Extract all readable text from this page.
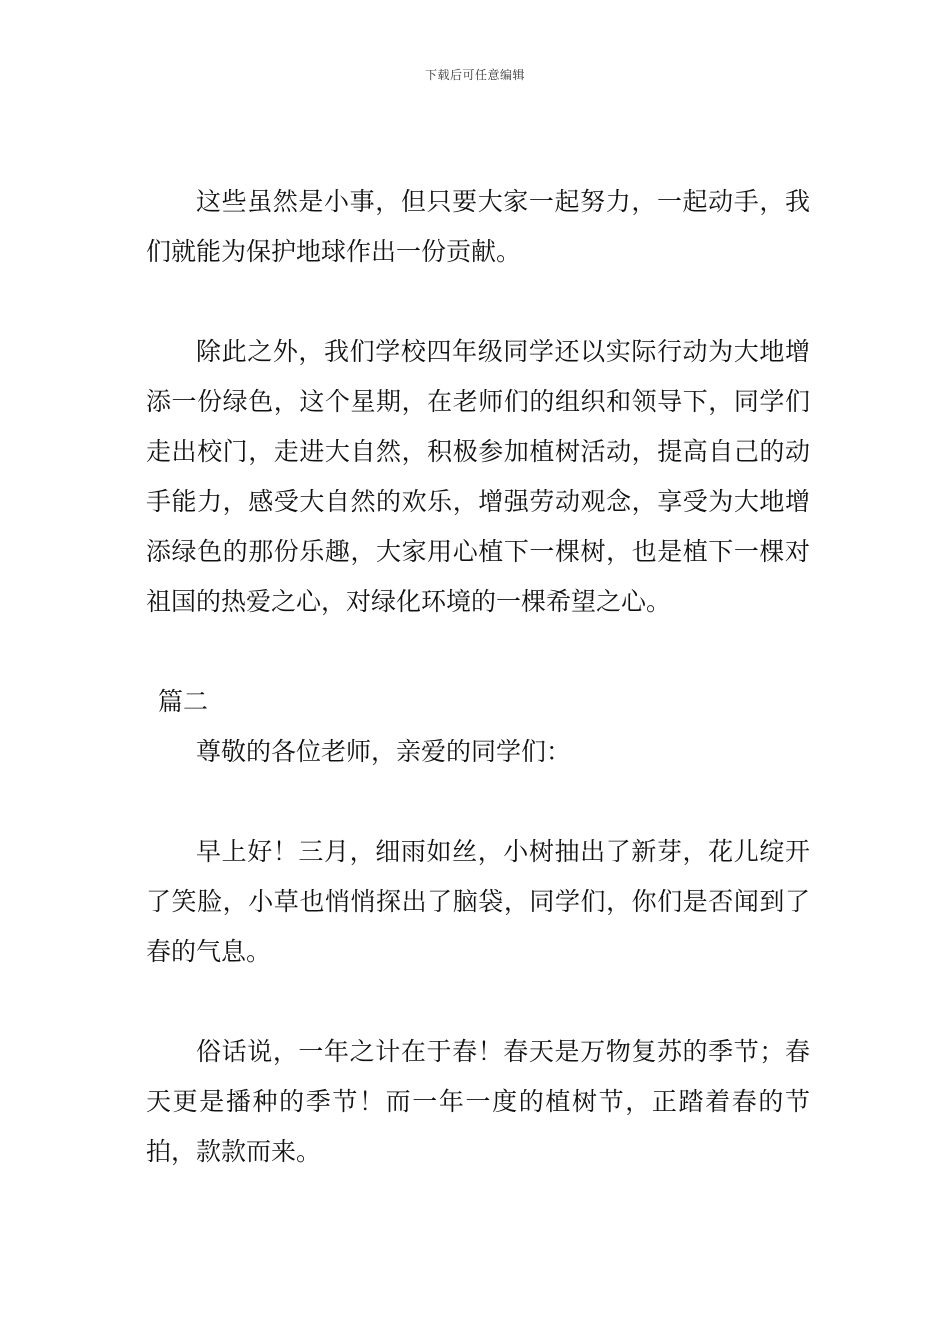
下载后可任意编辑

这些虽然是小事，但只要大家一起努力，一起动手，我们就能为保护地球作出一份贡献。

除此之外，我们学校四年级同学还以实际行动为大地增添一份绿色，这个星期，在老师们的组织和领导下，同学们走出校门，走进大自然，积极参加植树活动，提高自己的动手能力，感受大自然的欢乐，增强劳动观念，享受为大地增添绿色的那份乐趣，大家用心植下一棵树，也是植下一棵对祖国的热爱之心，对绿化环境的一棵希望之心。

篇二

尊敬的各位老师，亲爱的同学们：

早上好！三月，细雨如丝，小树抽出了新芽，花儿绽开了笑脸，小草也悄悄探出了脑袋，同学们，你们是否闻到了春的气息。

俗话说，一年之计在于春！春天是万物复苏的季节；春天更是播种的季节！而一年一度的植树节，正踏着春的节拍，款款而来。
